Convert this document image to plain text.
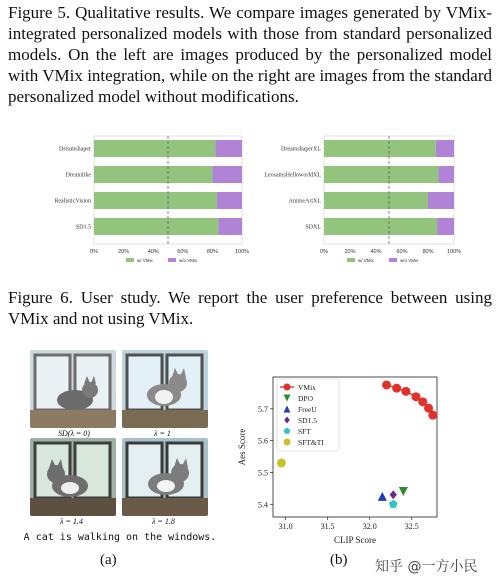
Figure 5. Qualitative results. We compare images generated by VMix-integrated personalized models with those from standard personalized models. On the left are images produced by the personalized model with VMix integration, while on the right are images from the standard personalized model without modifications.
Dreamshaper
Dreamlike
RealisticVision
SD1.5
0%	20%	40%	60%	80%	100%
w/ VMix	w/o VMix
DreamshaperXL
LeosamsHelloworldXL
AnimeArtXL
SDXL
0%	20%	40%	60%	80% 100%
w/ VMix	w/o VMix
Figure 6. User study. We report the user preference between using VMix and not using VMix.
SD(λ = 0)	λ = 1
λ = 1.4	λ = 1.8
A cat is walking on the windows.
31.0	31.5	32.0	32.5
5.4
5.5
5.6
5.7
CLIP Score
Aes Score
VMix
DPO
FreeU
SD1.5
SFT
SFT&TI
(a)	(b) 知乎 @一方小民
